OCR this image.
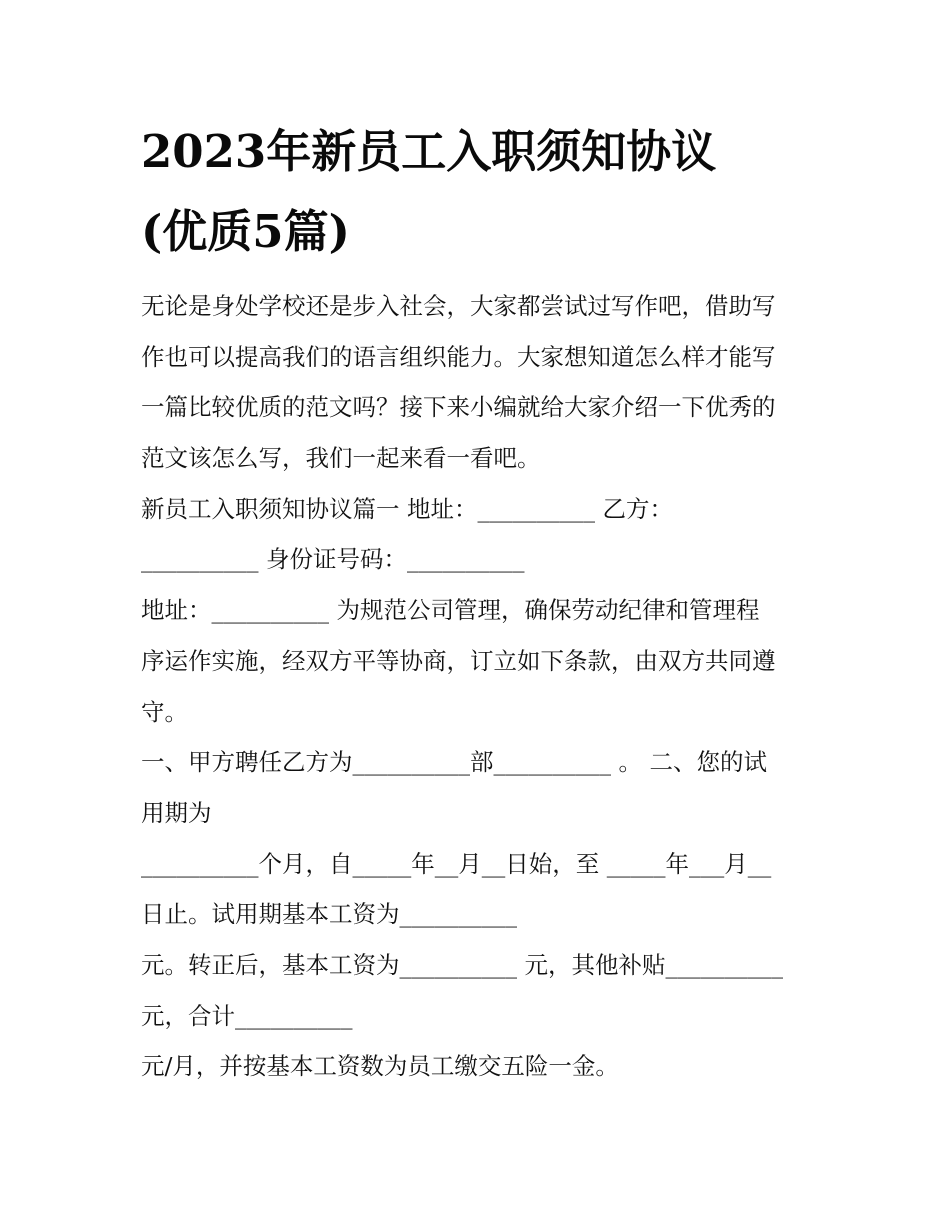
2023年新员工入职须知协议
(优质5篇)
无论是身处学校还是步入社会，大家都尝试过写作吧，借助写
作也可以提高我们的语言组织能力。大家想知道怎么样才能写
一篇比较优质的范文吗？接下来小编就给大家介绍一下优秀的
范文该怎么写，我们一起来看一看吧。
新员工入职须知协议篇一 地址：__________ 乙方：
__________ 身份证号码：__________
地址：__________ 为规范公司管理，确保劳动纪律和管理程
序运作实施，经双方平等协商，订立如下条款，由双方共同遵
守。
一、甲方聘任乙方为__________部__________ 。 二、您的试
用期为
__________个月，自_____年__月__日始，至 _____年___月__
日止。试用期基本工资为__________
元。转正后，基本工资为__________ 元，其他补贴__________
元，合计__________
元/月，并按基本工资数为员工缴交五险一金。
